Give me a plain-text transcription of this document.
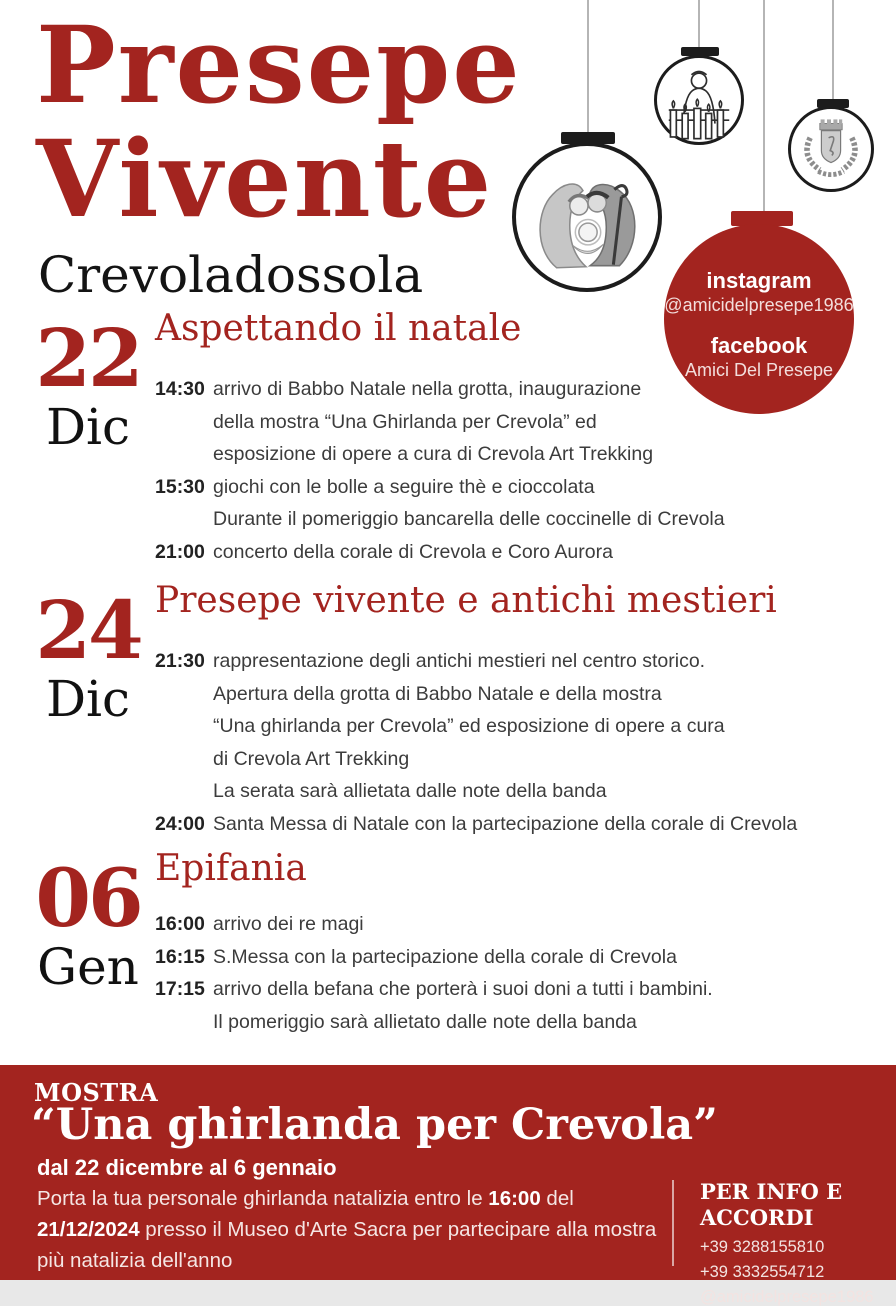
Presepe
Vivente
Crevoladossola	instagram
@amicidelpresepe1986
facebook
Amici Del Presepe
22
Dic
Aspettando il natale
14:30 arrivo di Babbo Natale nella grotta, inaugurazione
della mostra “Una Ghirlanda per Crevola” ed
esposizione di opere a cura di Crevola Art Trekking
15:30 giochi con le bolle a seguire thè e cioccolata
Durante il pomeriggio bancarella delle coccinelle di Crevola
21:00 concerto della corale di Crevola e Coro Aurora
24
Dic
Presepe vivente e antichi mestieri
21:30 rappresentazione degli antichi mestieri nel centro storico.
Apertura della grotta di Babbo Natale e della mostra
“Una ghirlanda per Crevola” ed esposizione di opere a cura
di Crevola Art Trekking
La serata sarà allietata dalle note della banda
24:00 Santa Messa di Natale con la partecipazione della corale di Crevola
06
Gen
Epifania
16:00 arrivo dei re magi
16:15 S.Messa con la partecipazione della corale di Crevola
17:15 arrivo della befana che porterà i suoi doni a tutti i bambini.
Il pomeriggio sarà allietato dalle note della banda
MOSTRA
“Una ghirlanda per Crevola”
dal 22 dicembre al 6 gennaio
Porta la tua personale ghirlanda natalizia entro le 16:00 del
21/12/2024 presso il Museo d'Arte Sacra per partecipare alla mostra
più natalizia dell'anno
PER INFO E ACCORDI
+39 3288155810
+39 3332554712
@amicidelpresepe1986
